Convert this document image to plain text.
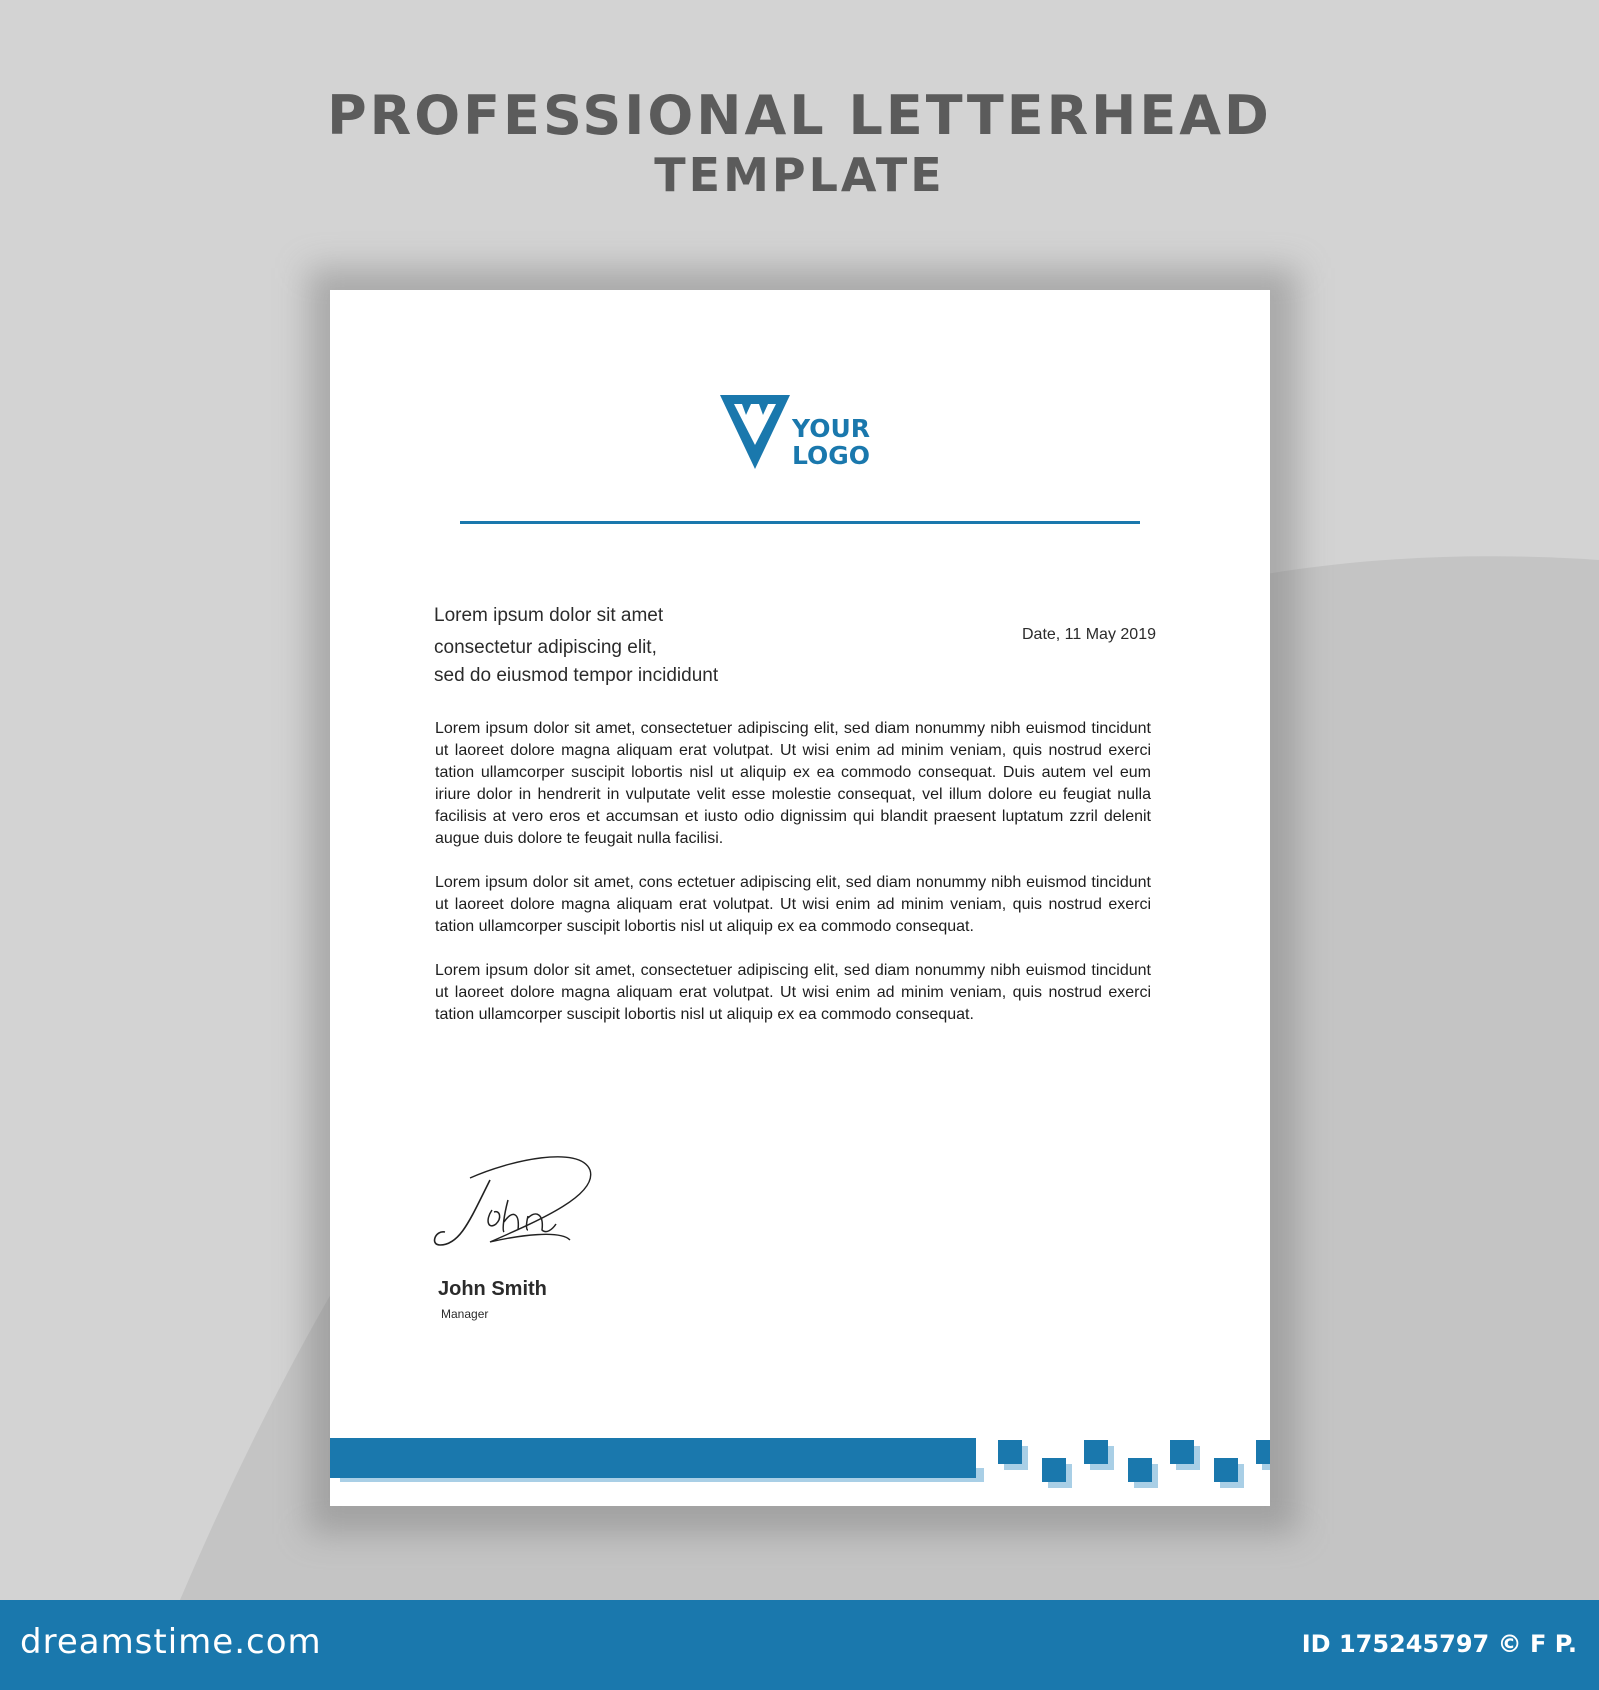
PROFESSIONAL LETTERHEAD
TEMPLATE
YOUR
LOGO
Lorem ipsum dolor sit amet
consectetur adipiscing elit,
sed do eiusmod tempor incididunt
Date, 11 May 2019

Lorem ipsum dolor sit amet, consectetuer adipiscing elit, sed diam nonummy nibh euismod tincidunt ut laoreet dolore magna aliquam erat volutpat. Ut wisi enim ad minim veniam, quis nostrud exerci tation ullamcorper suscipit lobortis nisl ut aliquip ex ea commodo consequat. Duis autem vel eum iriure dolor in hendrerit in vulputate velit esse molestie consequat, vel illum dolore eu feugiat nulla facilisis at vero eros et accumsan et iusto odio dignissim qui blandit praesent luptatum zzril delenit augue duis dolore te feugait nulla facilisi.

Lorem ipsum dolor sit amet, cons ectetuer adipiscing elit, sed diam nonummy nibh euismod tincidunt ut laoreet dolore magna aliquam erat volutpat. Ut wisi enim ad minim veniam, quis nostrud exerci tation ullamcorper suscipit lobortis nisl ut aliquip ex ea commodo consequat.

Lorem ipsum dolor sit amet, consectetuer adipiscing elit, sed diam nonummy nibh euismod tincidunt ut laoreet dolore magna aliquam erat volutpat. Ut wisi enim ad minim veniam, quis nostrud exerci tation ullamcorper suscipit lobortis nisl ut aliquip ex ea commodo consequat.

John Smith
Manager
dreamstime.com	ID 175245797 © F P.
